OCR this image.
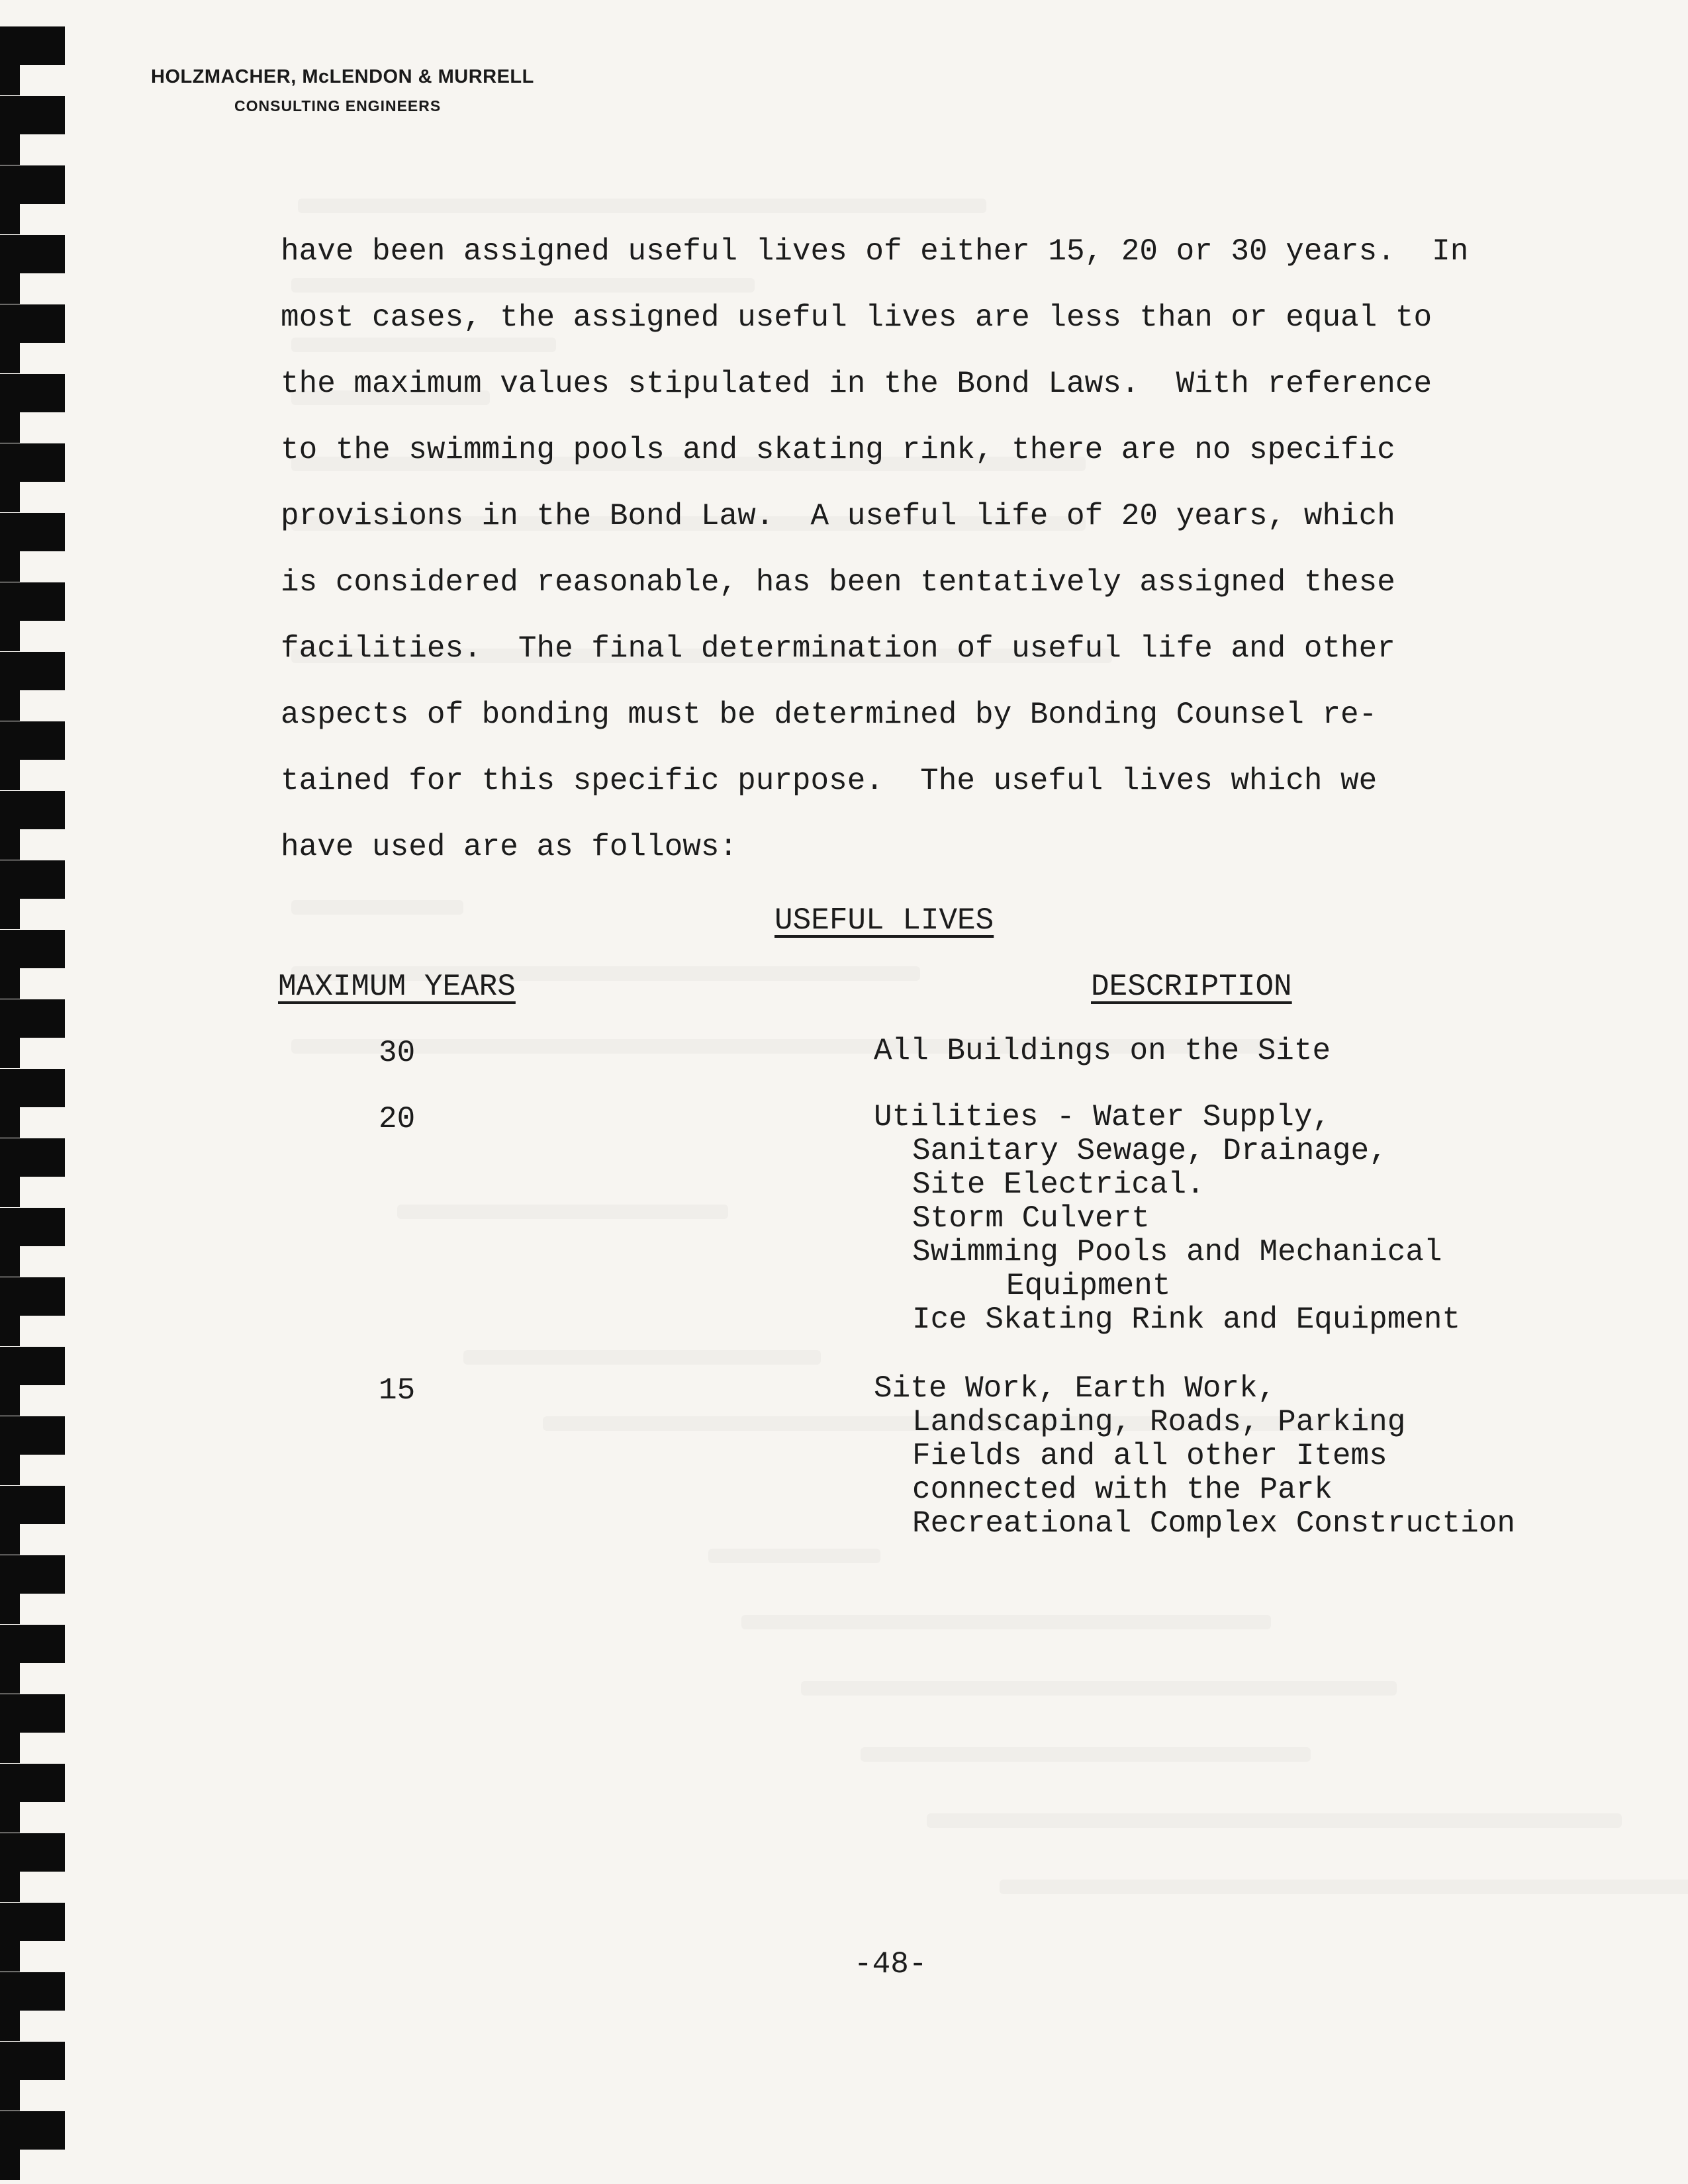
HOLZMACHER, McLENDON & MURRELL
CONSULTING ENGINEERS
have been assigned useful lives of either 15, 20 or 30 years.  In
most cases, the assigned useful lives are less than or equal to
the maximum values stipulated in the Bond Laws.  With reference
to the swimming pools and skating rink, there are no specific
provisions in the Bond Law.  A useful life of 20 years, which
is considered reasonable, has been tentatively assigned these
facilities.  The final determination of useful life and other
aspects of bonding must be determined by Bonding Counsel re-
tained for this specific purpose.  The useful lives which we
have used are as follows:
USEFUL LIVES
MAXIMUM YEARS	DESCRIPTION
30	All Buildings on the Site
20	Utilities - Water Supply,
Sanitary Sewage, Drainage,
Site Electrical.
Storm Culvert
Swimming Pools and Mechanical
Equipment
Ice Skating Rink and Equipment
15	Site Work, Earth Work,
Landscaping, Roads, Parking
Fields and all other Items
connected with the Park
Recreational Complex Construction
-48-
